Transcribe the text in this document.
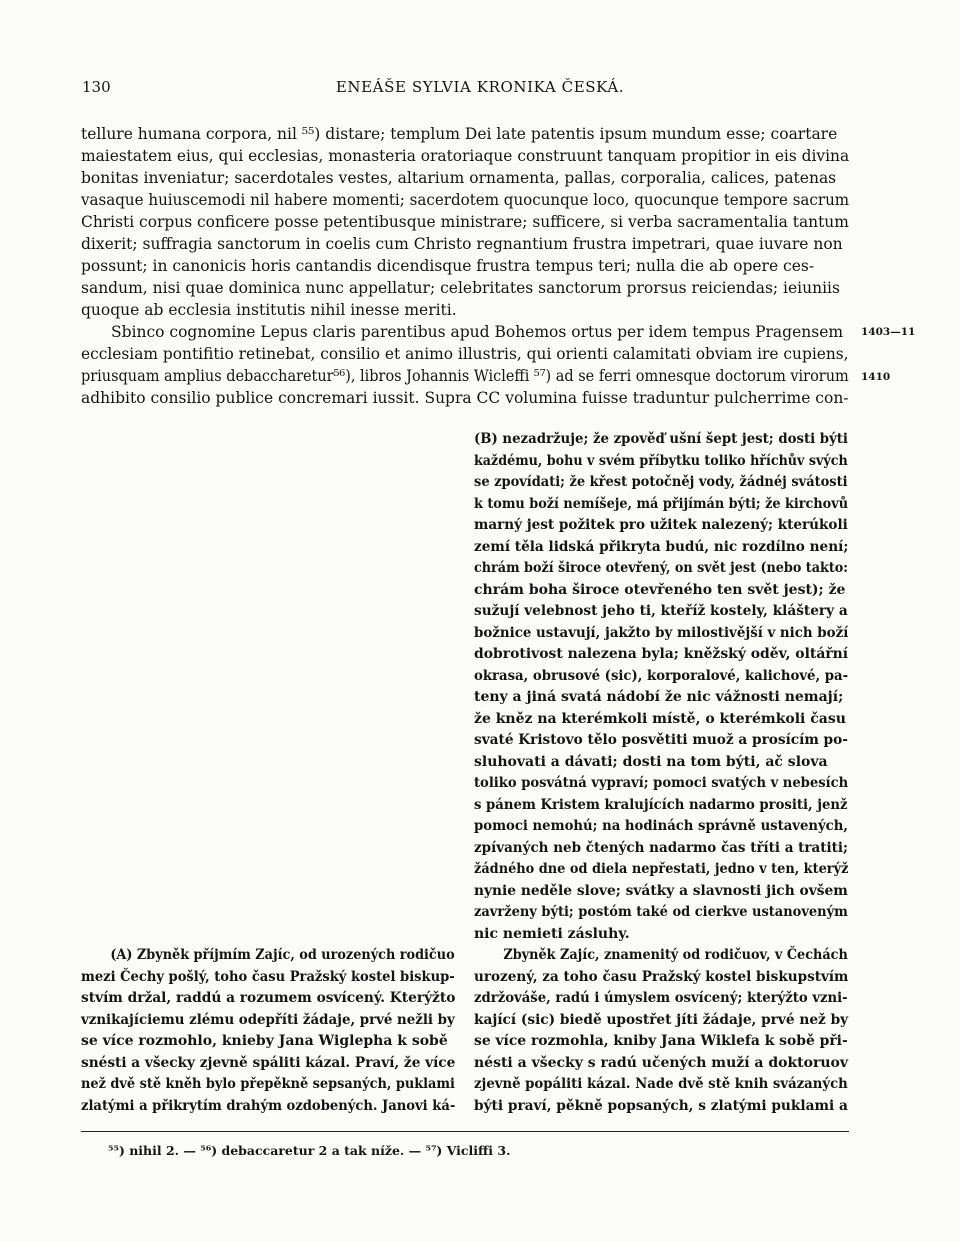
130	ENEÁŠE SYLVIA KRONIKA ČESKÁ.
tellure humana corpora, nil ⁵⁵) distare; templum Dei late patentis ipsum mundum esse; coartare
maiestatem eius, qui ecclesias, monasteria oratoriaque construunt tanquam propitior in eis divina
bonitas inveniatur; sacerdotales vestes, altarium ornamenta, pallas, corporalia, calices, patenas
vasaque huiuscemodi nil habere momenti; sacerdotem quocunque loco, quocunque tempore sacrum
Christi corpus conficere posse petentibusque ministrare; sufficere, si verba sacramentalia tantum
dixerit; suffragia sanctorum in coelis cum Christo regnantium frustra impetrari, quae iuvare non
possunt; in canonicis horis cantandis dicendisque frustra tempus teri; nulla die ab opere ces-
sandum, nisi quae dominica nunc appellatur; celebritates sanctorum prorsus reiciendas; ieiuniis
quoque ab ecclesia institutis nihil inesse meriti.
Sbinco cognomine Lepus claris parentibus apud Bohemos ortus per idem tempus Pragensem
ecclesiam pontifitio retinebat, consilio et animo illustris, qui orienti calamitati obviam ire cupiens,
priusquam amplius debaccharetur⁵⁶), libros Johannis Wicleffi ⁵⁷) ad se ferri omnesque doctorum virorum
adhibito consilio publice concremari iussit. Supra CC volumina fuisse traduntur pulcherrime con-
1403—11
1410
(B) nezadržuje; že zpověď ušní šept jest; dosti býti
každému, bohu v svém příbytku toliko hříchův svých
se zpovídati; že křest potočněj vody, žádnéj svátosti
k tomu boží nemíšeje, má přijímán býti; že kirchovů
marný jest požitek pro užitek nalezený; kterúkoli
zemí těla lidská přikryta budú, nic rozdílno není;
chrám boží široce otevřený, on svět jest (nebo takto:
chrám boha široce otevřeného ten svět jest); že
sužují velebnost jeho ti, kteříž kostely, kláštery a
božnice ustavují, jakžto by milostivější v nich boží
dobrotivost nalezena byla; kněžský oděv, oltářní
okrasa, obrusové (sic), korporalové, kalichové, pa-
teny a jiná svatá nádobí že nic vážnosti nemají;
že kněz na kterémkoli místě, o kterémkoli času
svaté Kristovo tělo posvětiti muož a prosícím po-
sluhovati a dávati; dosti na tom býti, ač slova
toliko posvátná vypraví; pomoci svatých v nebesích
s pánem Kristem kralujících nadarmo prositi, jenž
pomoci nemohú; na hodinách správně ustavených,
zpívaných neb čtených nadarmo čas tříti a tratiti;
žádného dne od diela nepřestati, jedno v ten, kterýž
nynie neděle slove; svátky a slavnosti jich ovšem
zavrženy býti; postóm také od cierkve ustanoveným
nic nemieti zásluhy.
Zbyněk Zajíc, znamenitý od rodičuov, v Čechách
urozený, za toho času Pražský kostel biskupstvím
zdržováše, radú i úmyslem osvícený; kterýžto vzni-
kající (sic) biedě upostřet jíti žádaje, prvé než by
se více rozmohla, kniby Jana Wiklefa k sobě při-
nésti a všecky s radú učených muží a doktoruov
zjevně popáliti kázal. Nade dvě stě knih svázaných
býti praví, pěkně popsaných, s zlatými puklami a
(A) Zbyněk příjmím Zajíc, od urozených rodičuo
mezi Čechy pošlý, toho času Pražský kostel biskup-
stvím držal, raddú a rozumem osvícený. Kterýžto
vznikajíciemu zlému odepříti žádaje, prvé nežli by
se více rozmohlo, knieby Jana Wiglepha k sobě
snésti a všecky zjevně spáliti kázal. Praví, že více
než dvě stě kněh bylo přepěkně sepsaných, puklami
zlatými a přikrytím drahým ozdobených. Janovi ká-
⁵⁵) nihil 2. — ⁵⁶) debaccaretur 2 a tak níže. — ⁵⁷) Vicliffi 3.
